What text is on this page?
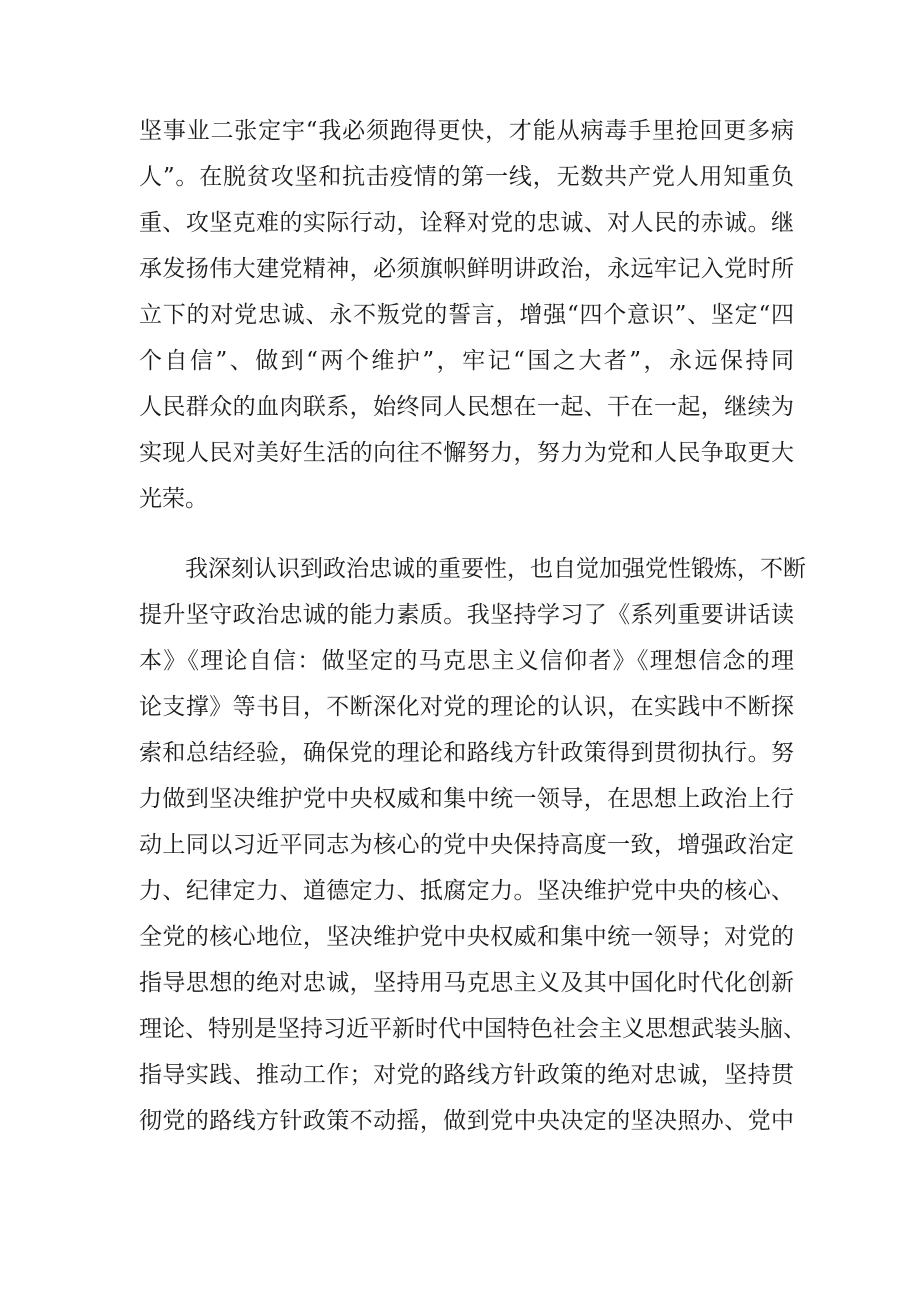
坚事业二张定宇“我必须跑得更快，才能从病毒手里抢回更多病
人”。在脱贫攻坚和抗击疫情的第一线，无数共产党人用知重负
重、攻坚克难的实际行动，诠释对党的忠诚、对人民的赤诚。继
承发扬伟大建党精神，必须旗帜鲜明讲政治，永远牢记入党时所
立下的对党忠诚、永不叛党的誓言，增强“四个意识”、坚定“四
个自信”、做到“两个维护”，牢记“国之大者”，永远保持同
人民群众的血肉联系，始终同人民想在一起、干在一起，继续为
实现人民对美好生活的向往不懈努力，努力为党和人民争取更大
光荣。
我深刻认识到政治忠诚的重要性，也自觉加强党性锻炼，不断
提升坚守政治忠诚的能力素质。我坚持学习了《系列重要讲话读
本》《理论自信：做坚定的马克思主义信仰者》《理想信念的理
论支撑》等书目，不断深化对党的理论的认识，在实践中不断探
索和总结经验，确保党的理论和路线方针政策得到贯彻执行。努
力做到坚决维护党中央权威和集中统一领导，在思想上政治上行
动上同以习近平同志为核心的党中央保持高度一致，增强政治定
力、纪律定力、道德定力、抵腐定力。坚决维护党中央的核心、
全党的核心地位，坚决维护党中央权威和集中统一领导；对党的
指导思想的绝对忠诚，坚持用马克思主义及其中国化时代化创新
理论、特别是坚持习近平新时代中国特色社会主义思想武装头脑、
指导实践、推动工作；对党的路线方针政策的绝对忠诚，坚持贯
彻党的路线方针政策不动摇，做到党中央决定的坚决照办、党中
